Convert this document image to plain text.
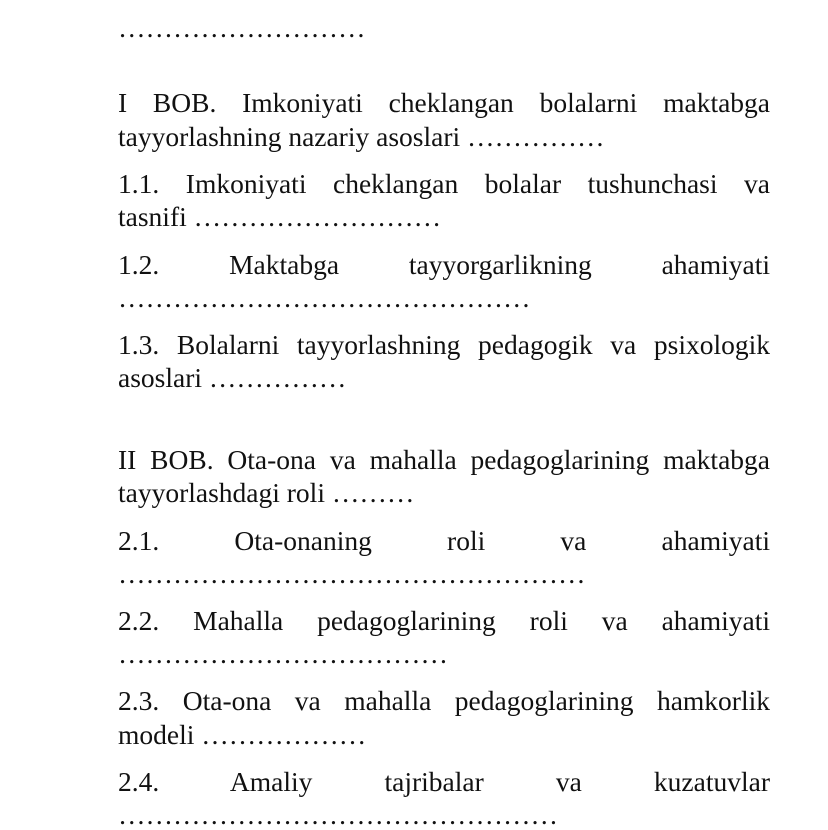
………………………
I BOB. Imkoniyati cheklangan bolalarni maktabga
tayyorlashning nazariy asoslari ……………
1.1. Imkoniyati cheklangan bolalar tushunchasi va
tasnifi ………………………
1.2. Maktabga tayyorgarlikning ahamiyati
………………………………………
1.3. Bolalarni tayyorlashning pedagogik va psixologik
asoslari ……………
II BOB. Ota-ona va mahalla pedagoglarining maktabga
tayyorlashdagi roli ………
2.1. Ota-onaning roli va ahamiyati
……………………………………………
2.2. Mahalla pedagoglarining roli va ahamiyati
………………………………
2.3. Ota-ona va mahalla pedagoglarining hamkorlik
modeli ………………
2.4. Amaliy tajribalar va kuzatuvlar
…………………………………………
